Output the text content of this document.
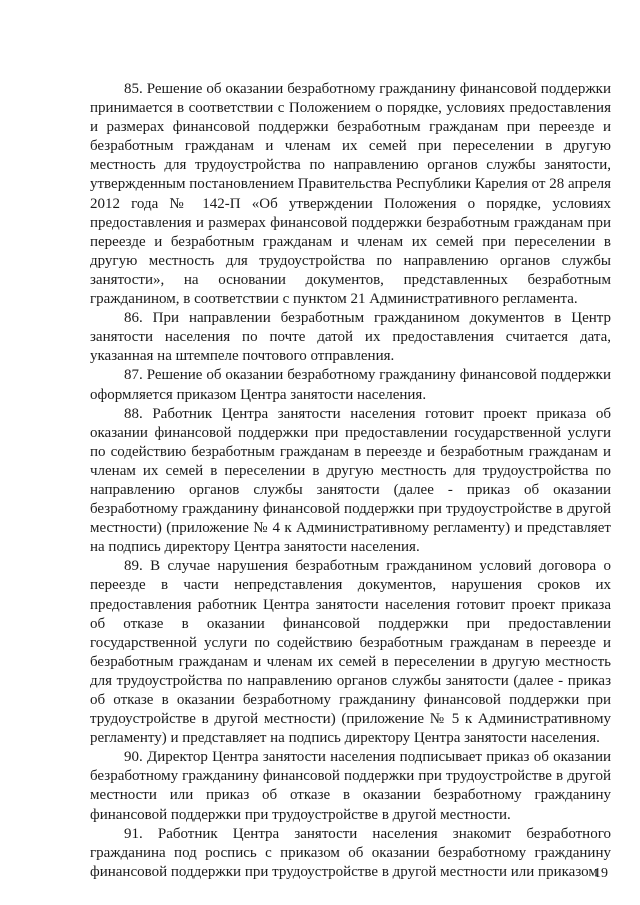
85. Решение об оказании безработному гражданину финансовой поддержки принимается в соответствии с Положением о порядке, условиях предоставления и размерах финансовой поддержки безработным гражданам при переезде и безработным гражданам и членам их семей при переселении в другую местность для трудоустройства по направлению органов службы занятости, утвержденным постановлением Правительства Республики Карелия от 28 апреля 2012 года № 142-П «Об утверждении Положения о порядке, условиях предоставления и размерах финансовой поддержки безработным гражданам при переезде и безработным гражданам и членам их семей при переселении в другую местность для трудоустройства по направлению органов службы занятости», на основании документов, представленных безработным гражданином, в соответствии с пунктом 21 Административного регламента.

86. При направлении безработным гражданином документов в Центр занятости населения по почте датой их предоставления считается дата, указанная на штемпеле почтового отправления.

87. Решение об оказании безработному гражданину финансовой поддержки оформляется приказом Центра занятости населения.

88. Работник Центра занятости населения готовит проект приказа об оказании финансовой поддержки при предоставлении государственной услуги по содействию безработным гражданам в переезде и безработным гражданам и членам их семей в переселении в другую местность для трудоустройства по направлению органов службы занятости (далее - приказ об оказании безработному гражданину финансовой поддержки при трудоустройстве в другой местности) (приложение № 4 к Административному регламенту) и представляет на подпись директору Центра занятости населения.

89. В случае нарушения безработным гражданином условий договора о переезде в части непредставления документов, нарушения сроков их предоставления работник Центра занятости населения готовит проект приказа об отказе в оказании финансовой поддержки при предоставлении государственной услуги по содействию безработным гражданам в переезде и безработным гражданам и членам их семей в переселении в другую местность для трудоустройства по направлению органов службы занятости (далее - приказ об отказе в оказании безработному гражданину финансовой поддержки при трудоустройстве в другой местности) (приложение № 5 к Административному регламенту) и представляет на подпись директору Центра занятости населения.

90. Директор Центра занятости населения подписывает приказ об оказании безработному гражданину финансовой поддержки при трудоустройстве в другой местности или приказ об отказе в оказании безработному гражданину финансовой поддержки при трудоустройстве в другой местности.

91. Работник Центра занятости населения знакомит безработного гражданина под роспись с приказом об оказании безработному гражданину финансовой поддержки при трудоустройстве в другой местности или приказом

19
